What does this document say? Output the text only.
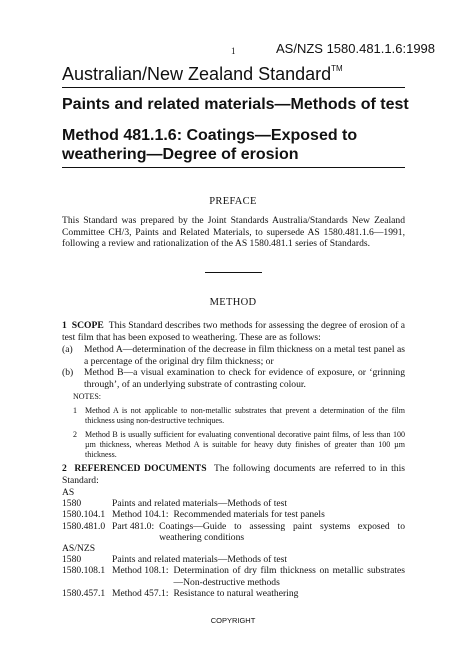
1	AS/NZS 1580.481.1.6:1998
Australian/New Zealand Standard™
Paints and related materials—Methods of test
Method 481.1.6: Coatings—Exposed to weathering—Degree of erosion
PREFACE
This Standard was prepared by the Joint Standards Australia/Standards New Zealand Committee CH/3, Paints and Related Materials, to supersede AS 1580.481.1.6—1991, following a review and rationalization of the AS 1580.481.1 series of Standards.
METHOD
1 SCOPE This Standard describes two methods for assessing the degree of erosion of a test film that has been exposed to weathering. These are as follows:
(a)	Method A—determination of the decrease in film thickness on a metal test panel as a percentage of the original dry film thickness; or
(b)	Method B—a visual examination to check for evidence of exposure, or ‘grinning through’, of an underlying substrate of contrasting colour.
NOTES:
1	Method A is not applicable to non-metallic substrates that prevent a determination of the film thickness using non-destructive techniques.
2	Method B is usually sufficient for evaluating conventional decorative paint films, of less than 100 µm thickness, whereas Method A is suitable for heavy duty finishes of greater than 100 µm thickness.
2 REFERENCED DOCUMENTS The following documents are referred to in this Standard:
AS
1580	Paints and related materials—Methods of test
1580.104.1 Method 104.1: Recommended materials for test panels
1580.481.0 Part 481.0: Coatings—Guide to assessing paint systems exposed to weathering conditions
AS/NZS
1580	Paints and related materials—Methods of test
1580.108.1 Method 108.1: Determination of dry film thickness on metallic substrates—Non-destructive methods
1580.457.1 Method 457.1: Resistance to natural weathering
COPYRIGHT
